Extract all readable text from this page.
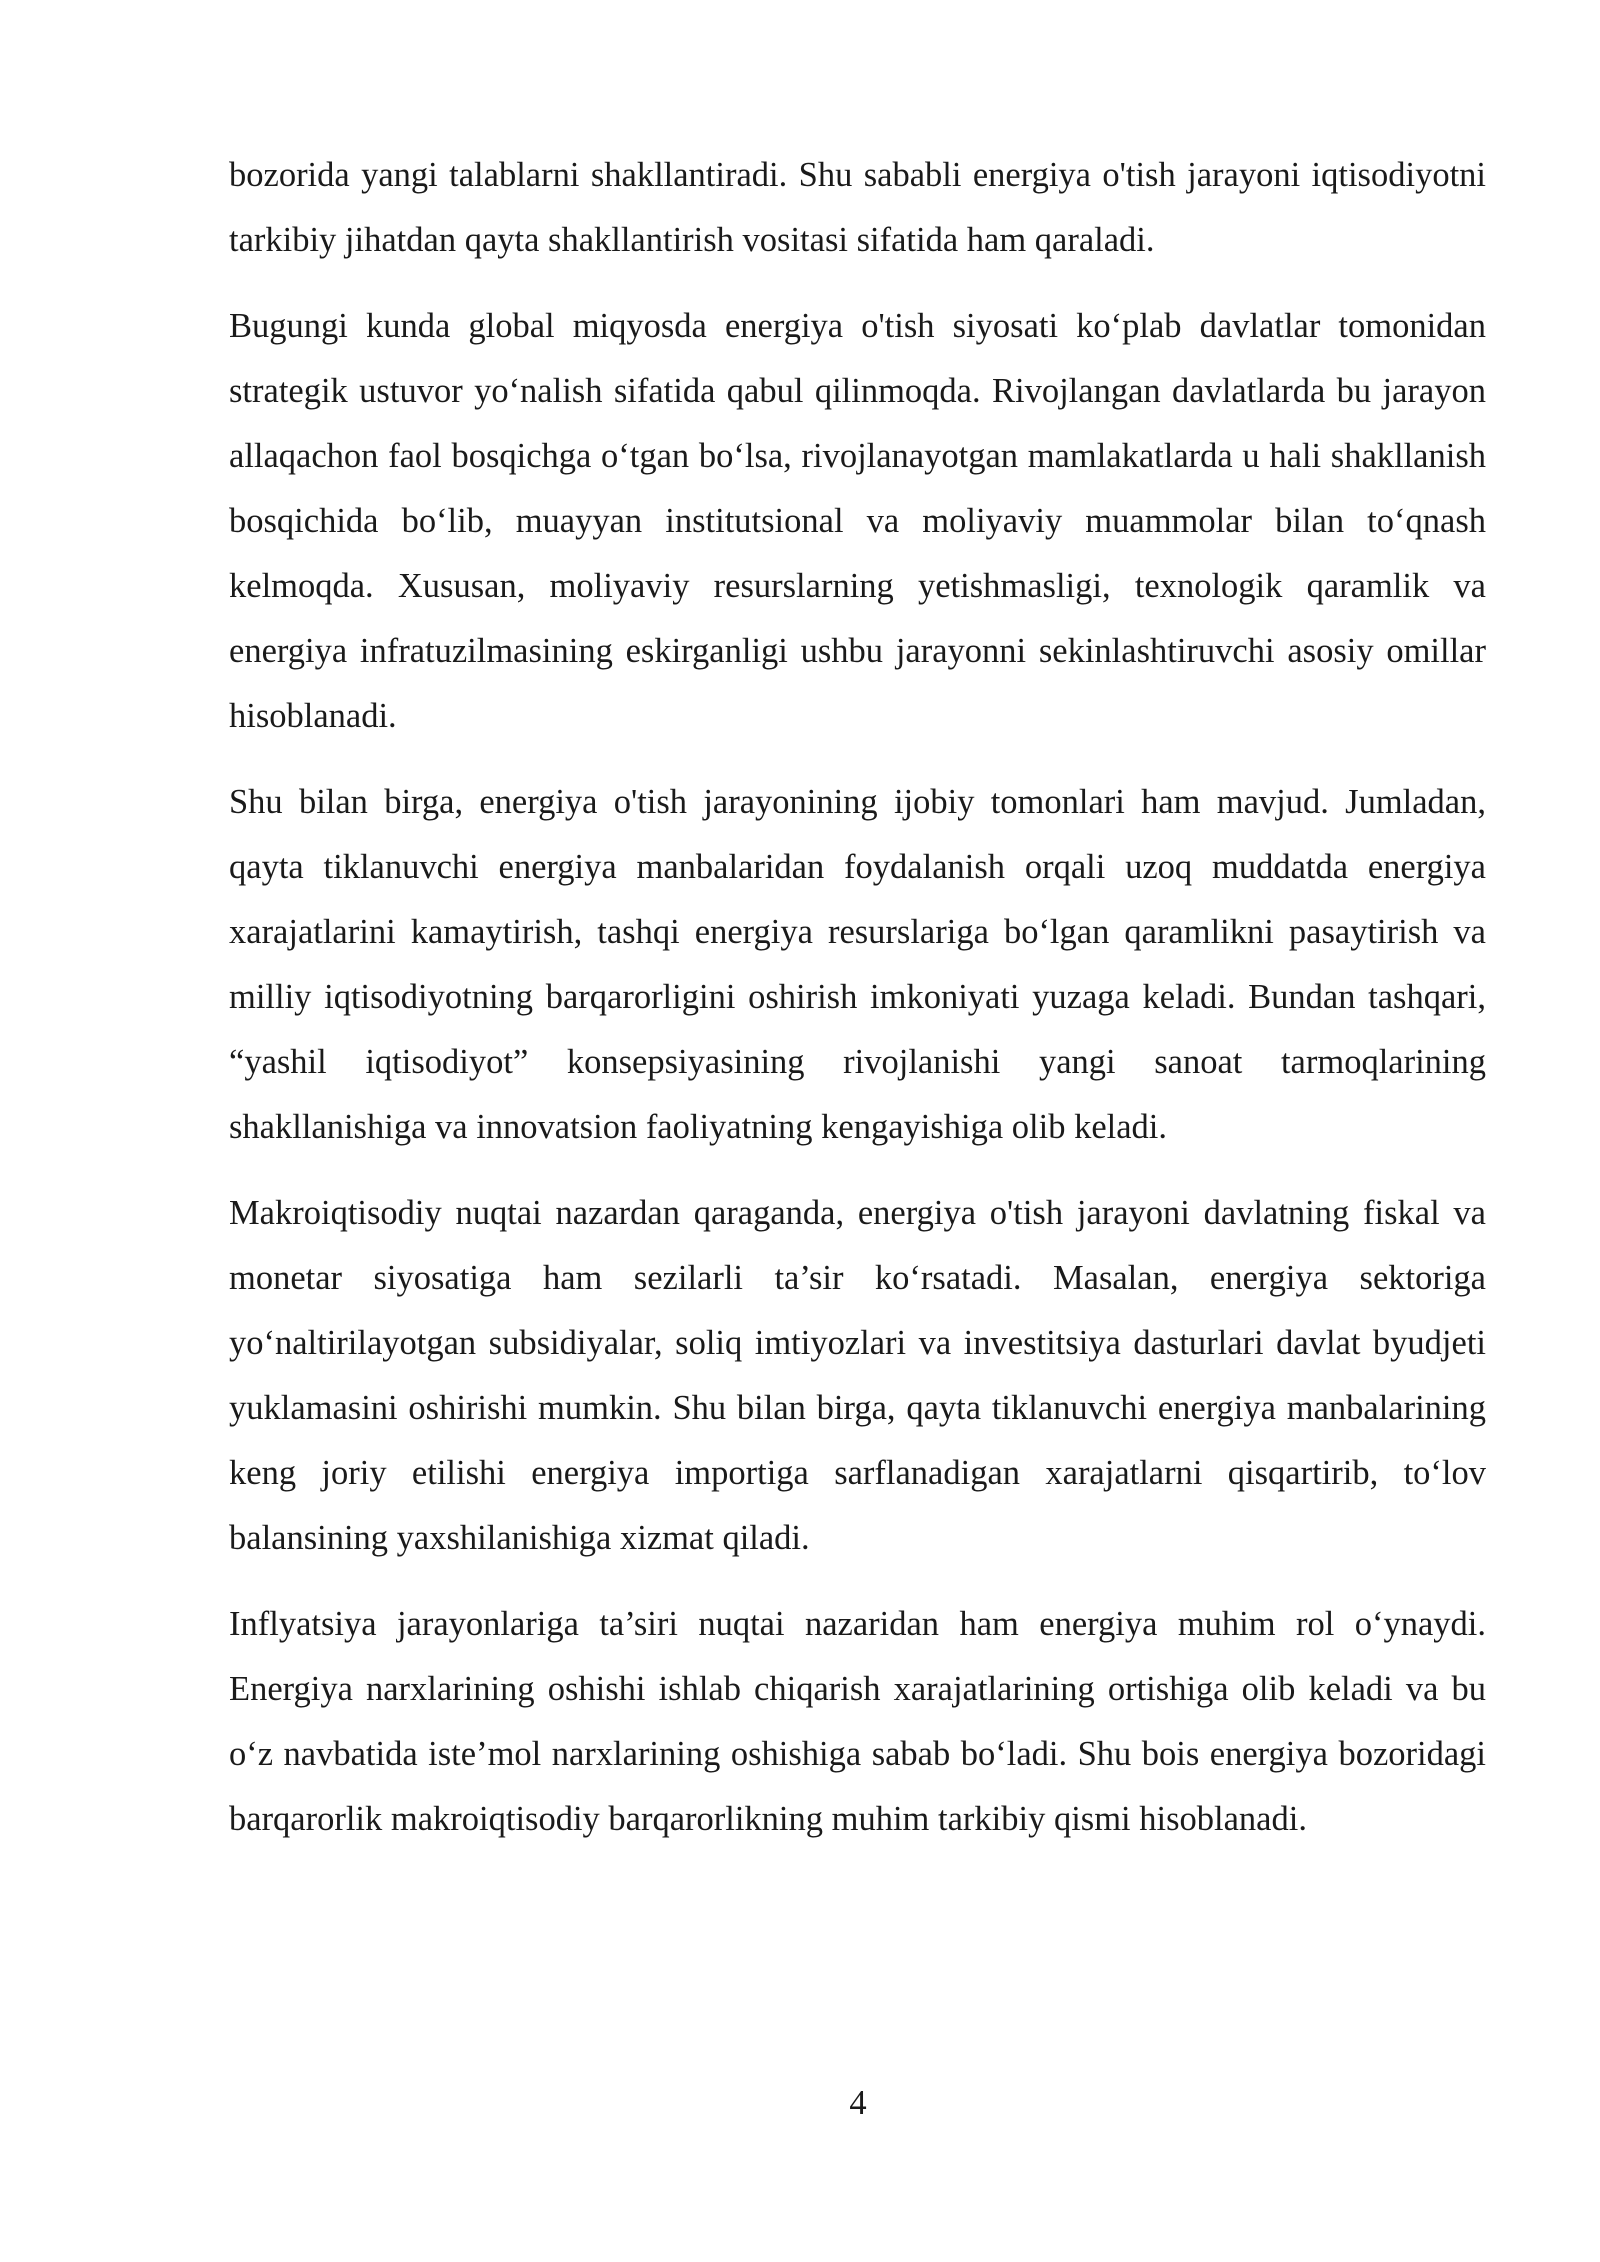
bozorida yangi talablarni shakllantiradi. Shu sababli energiya o'tish jarayoni iqtisodiyotni tarkibiy jihatdan qayta shakllantirish vositasi sifatida ham qaraladi.

Bugungi kunda global miqyosda energiya o'tish siyosati ko‘plab davlatlar tomonidan strategik ustuvor yo‘nalish sifatida qabul qilinmoqda. Rivojlangan davlatlarda bu jarayon allaqachon faol bosqichga o‘tgan bo‘lsa, rivojlanayotgan mamlakatlarda u hali shakllanish bosqichida bo‘lib, muayyan institutsional va moliyaviy muammolar bilan to‘qnash kelmoqda. Xususan, moliyaviy resurslarning yetishmasligi, texnologik qaramlik va energiya infratuzilmasining eskirganligi ushbu jarayonni sekinlashtiruvchi asosiy omillar hisoblanadi.

Shu bilan birga, energiya o'tish jarayonining ijobiy tomonlari ham mavjud. Jumladan, qayta tiklanuvchi energiya manbalaridan foydalanish orqali uzoq muddatda energiya xarajatlarini kamaytirish, tashqi energiya resurslariga bo‘lgan qaramlikni pasaytirish va milliy iqtisodiyotning barqarorligini oshirish imkoniyati yuzaga keladi. Bundan tashqari, “yashil iqtisodiyot” konsepsiyasining rivojlanishi yangi sanoat tarmoqlarining shakllanishiga va innovatsion faoliyatning kengayishiga olib keladi.

Makroiqtisodiy nuqtai nazardan qaraganda, energiya o'tish jarayoni davlatning fiskal va monetar siyosatiga ham sezilarli ta’sir ko‘rsatadi. Masalan, energiya sektoriga yo‘naltirilayotgan subsidiyalar, soliq imtiyozlari va investitsiya dasturlari davlat byudjeti yuklamasini oshirishi mumkin. Shu bilan birga, qayta tiklanuvchi energiya manbalarining keng joriy etilishi energiya importiga sarflanadigan xarajatlarni qisqartirib, to‘lov balansining yaxshilanishiga xizmat qiladi.

Inflyatsiya jarayonlariga ta’siri nuqtai nazaridan ham energiya muhim rol o‘ynaydi. Energiya narxlarining oshishi ishlab chiqarish xarajatlarining ortishiga olib keladi va bu o‘z navbatida iste’mol narxlarining oshishiga sabab bo‘ladi. Shu bois energiya bozoridagi barqarorlik makroiqtisodiy barqarorlikning muhim tarkibiy qismi hisoblanadi.

4
